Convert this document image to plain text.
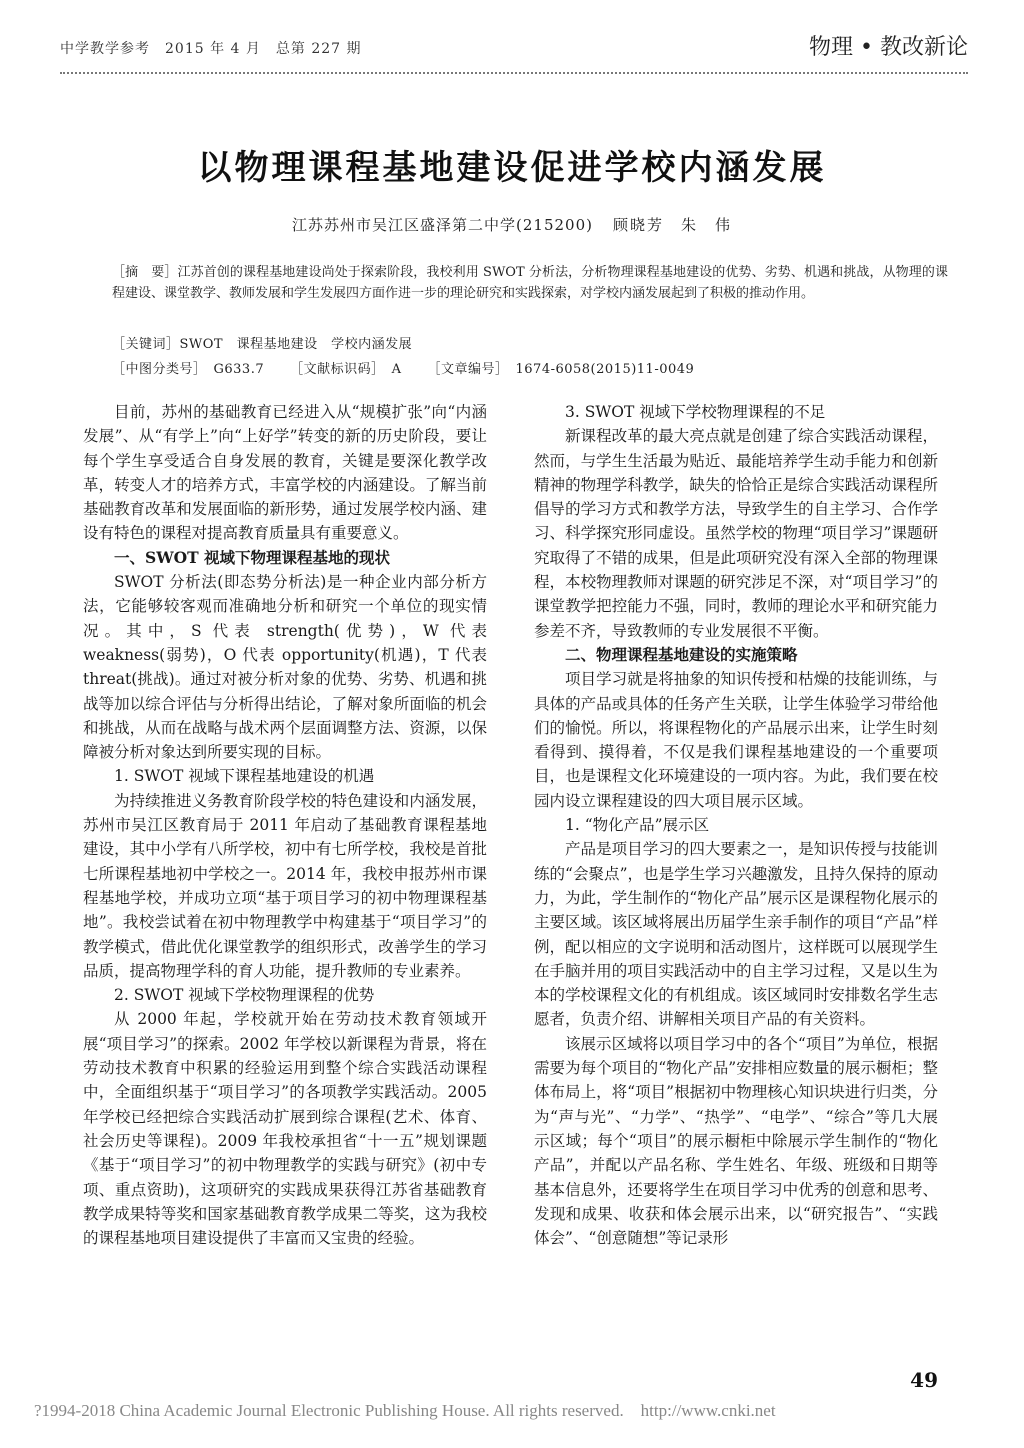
中学教学参考　2015 年 4 月　总第 227 期	物理 • 教改新论
以物理课程基地建设促进学校内涵发展
江苏苏州市吴江区盛泽第二中学(215200) 顾晓芳　朱　伟
［摘　要］江苏首创的课程基地建设尚处于探索阶段，我校利用 SWOT 分析法，分析物理课程基地建设的优势、劣势、机遇和挑战，从物理的课程建设、课堂教学、教师发展和学生发展四方面作进一步的理论研究和实践探索，对学校内涵发展起到了积极的推动作用。
［关键词］SWOT　课程基地建设　学校内涵发展
［中图分类号］　G633.7 ［文献标识码］　A ［文章编号］　1674-6058(2015)11-0049

目前，苏州的基础教育已经进入从“规模扩张”向“内涵发展”、从“有学上”向“上好学”转变的新的历史阶段，要让每个学生享受适合自身发展的教育，关键是要深化教学改革，转变人才的培养方式，丰富学校的内涵建设。了解当前基础教育改革和发展面临的新形势，通过发展学校内涵、建设有特色的课程对提高教育质量具有重要意义。

一、SWOT 视域下物理课程基地的现状

SWOT 分析法(即态势分析法)是一种企业内部分析方法，它能够较客观而准确地分析和研究一个单位的现实情况。其中，S 代表 strength(优势)，W 代表 weakness(弱势)，O 代表 opportunity(机遇)，T 代表 threat(挑战)。通过对被分析对象的优势、劣势、机遇和挑战等加以综合评估与分析得出结论，了解对象所面临的机会和挑战，从而在战略与战术两个层面调整方法、资源，以保障被分析对象达到所要实现的目标。

1. SWOT 视域下课程基地建设的机遇

为持续推进义务教育阶段学校的特色建设和内涵发展，苏州市吴江区教育局于 2011 年启动了基础教育课程基地建设，其中小学有八所学校，初中有七所学校，我校是首批七所课程基地初中学校之一。2014 年，我校申报苏州市课程基地学校，并成功立项“基于项目学习的初中物理课程基地”。我校尝试着在初中物理教学中构建基于“项目学习”的教学模式，借此优化课堂教学的组织形式，改善学生的学习品质，提高物理学科的育人功能，提升教师的专业素养。

2. SWOT 视域下学校物理课程的优势

从 2000 年起，学校就开始在劳动技术教育领域开展“项目学习”的探索。2002 年学校以新课程为背景，将在劳动技术教育中积累的经验运用到整个综合实践活动课程中，全面组织基于“项目学习”的各项教学实践活动。2005 年学校已经把综合实践活动扩展到综合课程(艺术、体育、社会历史等课程)。2009 年我校承担省“十一五”规划课题《基于“项目学习”的初中物理教学的实践与研究》(初中专项、重点资助)，这项研究的实践成果获得江苏省基础教育教学成果特等奖和国家基础教育教学成果二等奖，这为我校的课程基地项目建设提供了丰富而又宝贵的经验。

3. SWOT 视域下学校物理课程的不足

新课程改革的最大亮点就是创建了综合实践活动课程，然而，与学生生活最为贴近、最能培养学生动手能力和创新精神的物理学科教学，缺失的恰恰正是综合实践活动课程所倡导的学习方式和教学方法，导致学生的自主学习、合作学习、科学探究形同虚设。虽然学校的物理“项目学习”课题研究取得了不错的成果，但是此项研究没有深入全部的物理课程，本校物理教师对课题的研究涉足不深，对“项目学习”的课堂教学把控能力不强，同时，教师的理论水平和研究能力参差不齐，导致教师的专业发展很不平衡。

二、物理课程基地建设的实施策略

项目学习就是将抽象的知识传授和枯燥的技能训练，与具体的产品或具体的任务产生关联，让学生体验学习带给他们的愉悦。所以，将课程物化的产品展示出来，让学生时刻看得到、摸得着，不仅是我们课程基地建设的一个重要项目，也是课程文化环境建设的一项内容。为此，我们要在校园内设立课程建设的四大项目展示区域。

1. “物化产品”展示区

产品是项目学习的四大要素之一，是知识传授与技能训练的“会聚点”，也是学生学习兴趣激发，且持久保持的原动力，为此，学生制作的“物化产品”展示区是课程物化展示的主要区域。该区域将展出历届学生亲手制作的项目“产品”样例，配以相应的文字说明和活动图片，这样既可以展现学生在手脑并用的项目实践活动中的自主学习过程，又是以生为本的学校课程文化的有机组成。该区域同时安排数名学生志愿者，负责介绍、讲解相关项目产品的有关资料。

该展示区域将以项目学习中的各个“项目”为单位，根据需要为每个项目的“物化产品”安排相应数量的展示橱柜；整体布局上，将“项目”根据初中物理核心知识块进行归类，分为“声与光”、“力学”、“热学”、“电学”、“综合”等几大展示区域；每个“项目”的展示橱柜中除展示学生制作的“物化产品”，并配以产品名称、学生姓名、年级、班级和日期等基本信息外，还要将学生在项目学习中优秀的创意和思考、发现和成果、收获和体会展示出来，以“研究报告”、“实践体会”、“创意随想”等记录形

49
?1994-2018 China Academic Journal Electronic Publishing House. All rights reserved.　http://www.cnki.net
